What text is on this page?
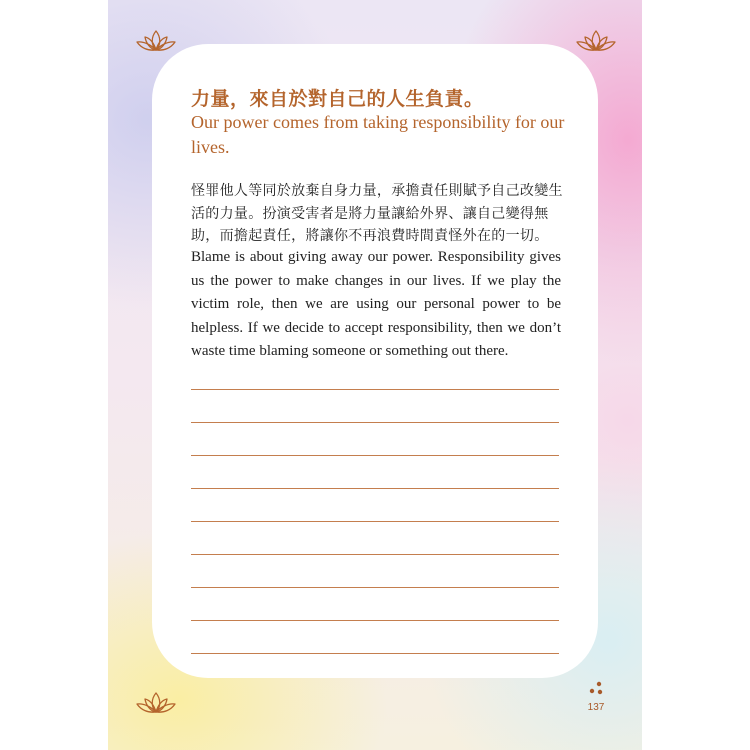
力量，來自於對自己的人生負責。
Our power comes from taking responsibility for our lives.
怪罪他人等同於放棄自身力量，承擔責任則賦予自己改變生活的力量。扮演受害者是將力量讓給外界、讓自己變得無助，而擔起責任，將讓你不再浪費時間責怪外在的一切。
Blame is about giving away our power. Responsibility gives us the power to make changes in our lives. If we play the victim role, then we are using our personal power to be helpless. If we decide to accept responsibility, then we don’t waste time blaming someone or something out there.
137
